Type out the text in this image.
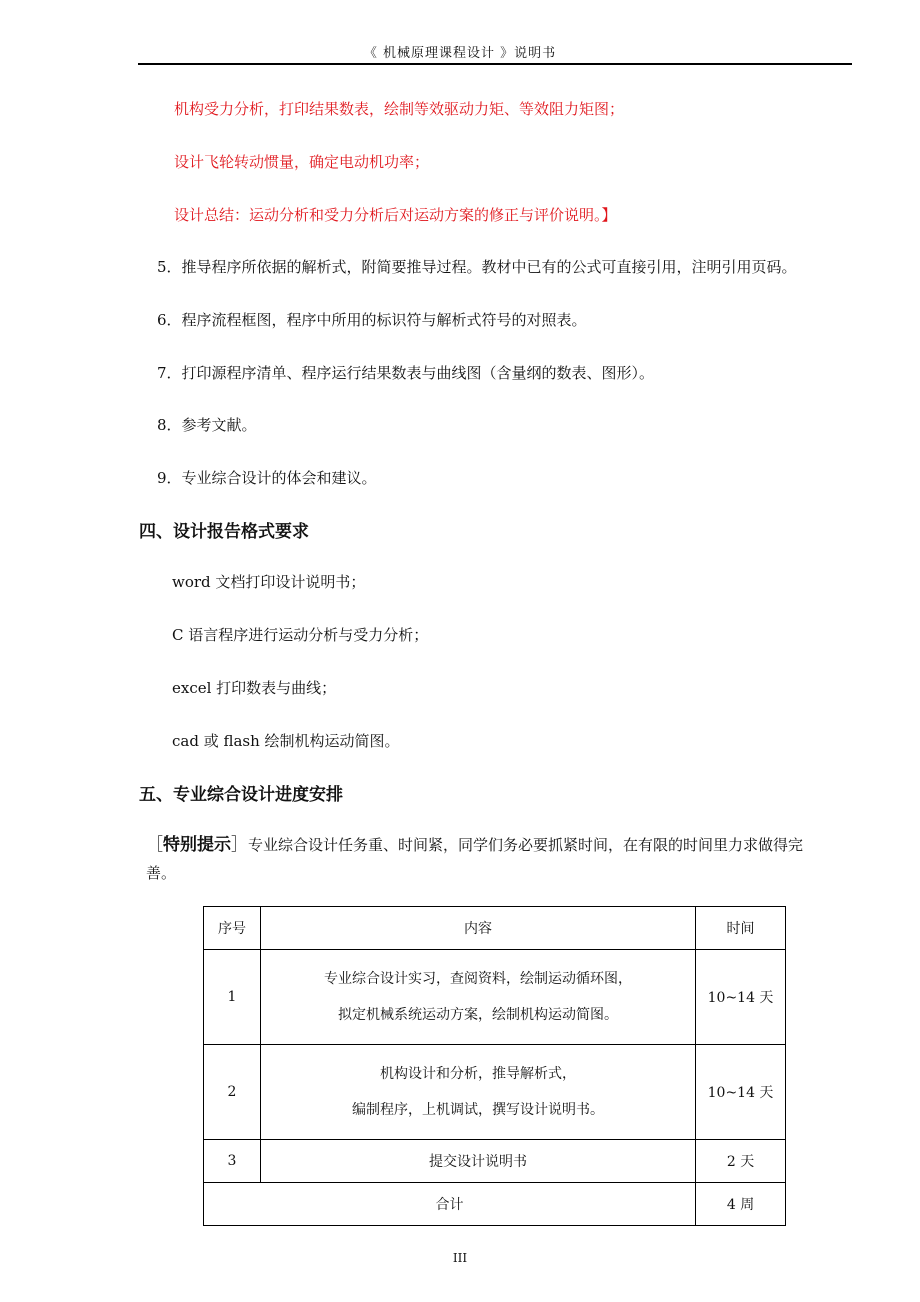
《 机械原理课程设计 》说明书
机构受力分析，打印结果数表，绘制等效驱动力矩、等效阻力矩图；
设计飞轮转动惯量，确定电动机功率；
设计总结：运动分析和受力分析后对运动方案的修正与评价说明。】
5．推导程序所依据的解析式，附简要推导过程。教材中已有的公式可直接引用，注明引用页码。
6．程序流程框图，程序中所用的标识符与解析式符号的对照表。
7．打印源程序清单、程序运行结果数表与曲线图（含量纲的数表、图形）。
8．参考文献。
9．专业综合设计的体会和建议。
四、设计报告格式要求
word 文档打印设计说明书；
C 语言程序进行运动分析与受力分析；
excel 打印数表与曲线；
cad 或 flash 绘制机构运动简图。
五、专业综合设计进度安排
［特别提示］专业综合设计任务重、时间紧，同学们务必要抓紧时间，在有限的时间里力求做得完
善。
序号	内容	时间
1	专业综合设计实习，查阅资料，绘制运动循环图，
拟定机械系统运动方案，绘制机构运动简图。	10~14 天
2	机构设计和分析，推导解析式，
编制程序，上机调试，撰写设计说明书。	10~14 天
3	提交设计说明书	2 天
合计		4 周
III
